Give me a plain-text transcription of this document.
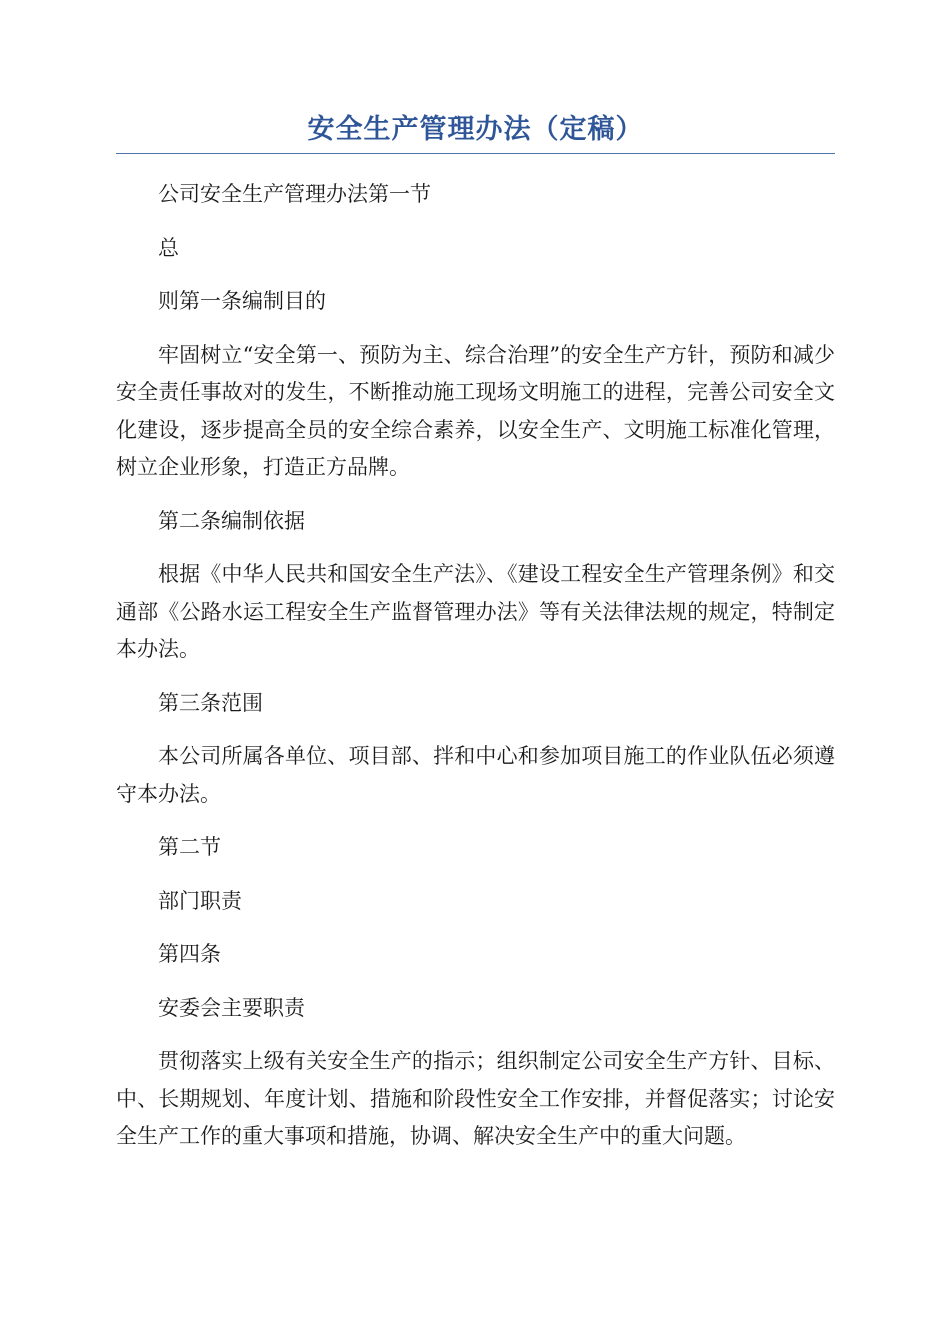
安全生产管理办法（定稿）

公司安全生产管理办法第一节

总

则第一条编制目的

牢固树立“安全第一、预防为主、综合治理”的安全生产方针，预防和减少安全责任事故对的发生，不断推动施工现场文明施工的进程，完善公司安全文化建设，逐步提高全员的安全综合素养，以安全生产、文明施工标准化管理，树立企业形象，打造正方品牌。

第二条编制依据

根据《中华人民共和国安全生产法》、《建设工程安全生产管理条例》和交通部《公路水运工程安全生产监督管理办法》等有关法律法规的规定，特制定本办法。

第三条范围

本公司所属各单位、项目部、拌和中心和参加项目施工的作业队伍必须遵守本办法。

第二节

部门职责

第四条

安委会主要职责

贯彻落实上级有关安全生产的指示；组织制定公司安全生产方针、目标、中、长期规划、年度计划、措施和阶段性安全工作安排，并督促落实；讨论安全生产工作的重大事项和措施，协调、解决安全生产中的重大问题。
